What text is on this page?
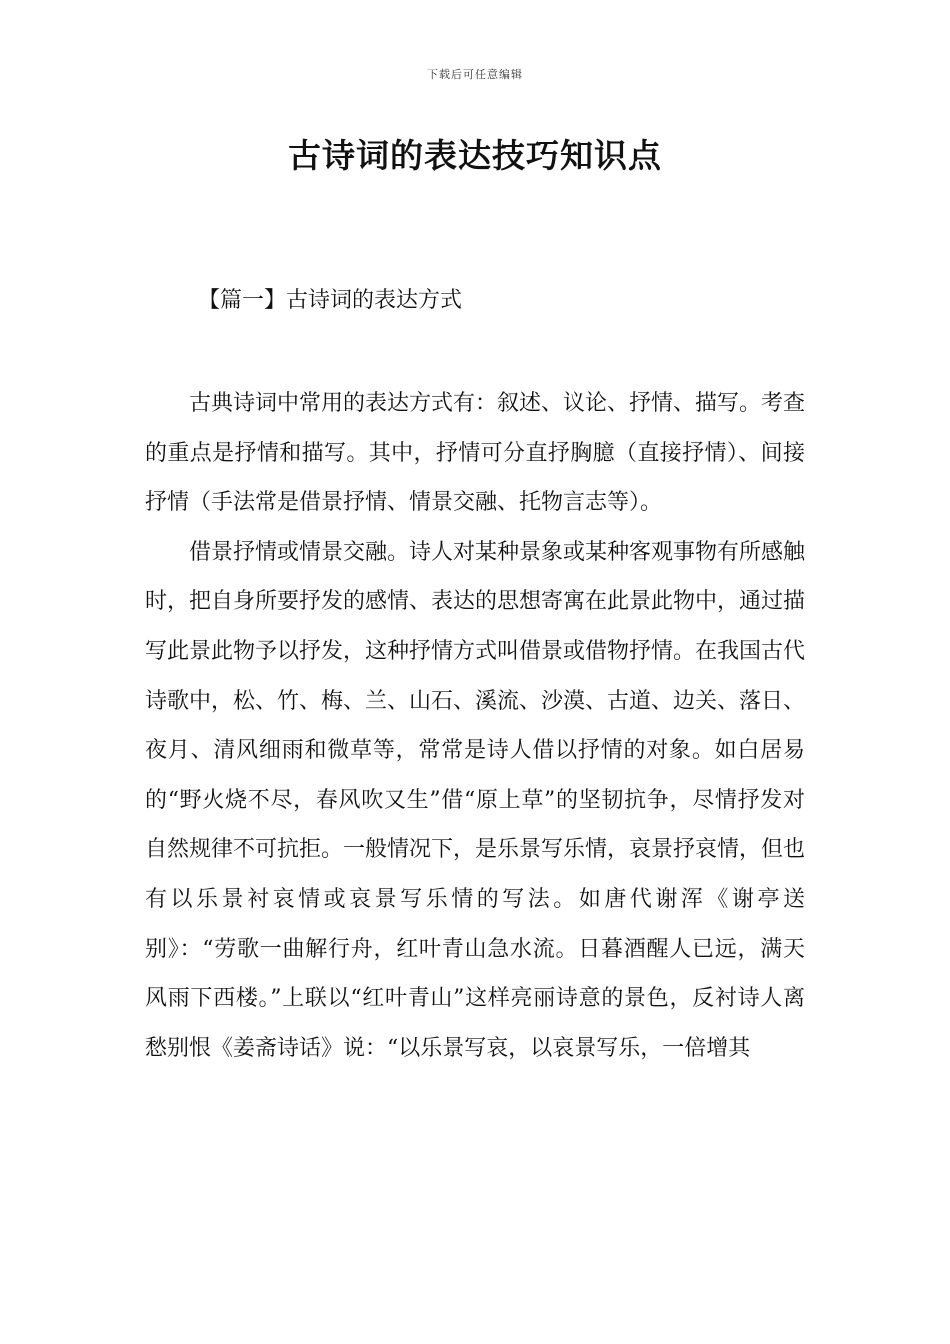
下载后可任意编辑
古诗词的表达技巧知识点
【篇一】古诗词的表达方式

古典诗词中常用的表达方式有：叙述、议论、抒情、描写。考查的重点是抒情和描写。其中，抒情可分直抒胸臆（直接抒情）、间接抒情（手法常是借景抒情、情景交融、托物言志等）。

借景抒情或情景交融。诗人对某种景象或某种客观事物有所感触时，把自身所要抒发的感情、表达的思想寄寓在此景此物中，通过描写此景此物予以抒发，这种抒情方式叫借景或借物抒情。在我国古代诗歌中，松、竹、梅、兰、山石、溪流、沙漠、古道、边关、落日、夜月、清风细雨和微草等，常常是诗人借以抒情的对象。如白居易的“野火烧不尽，春风吹又生”借“原上草”的坚韧抗争，尽情抒发对自然规律不可抗拒。一般情况下，是乐景写乐情，哀景抒哀情，但也有以乐景衬哀情或哀景写乐情的写法。如唐代谢浑《谢亭送别》：“劳歌一曲解行舟，红叶青山急水流。日暮酒醒人已远，满天风雨下西楼。”上联以“红叶青山”这样亮丽诗意的景色，反衬诗人离愁别恨《姜斋诗话》说：“以乐景写哀，以哀景写乐，一倍增其
